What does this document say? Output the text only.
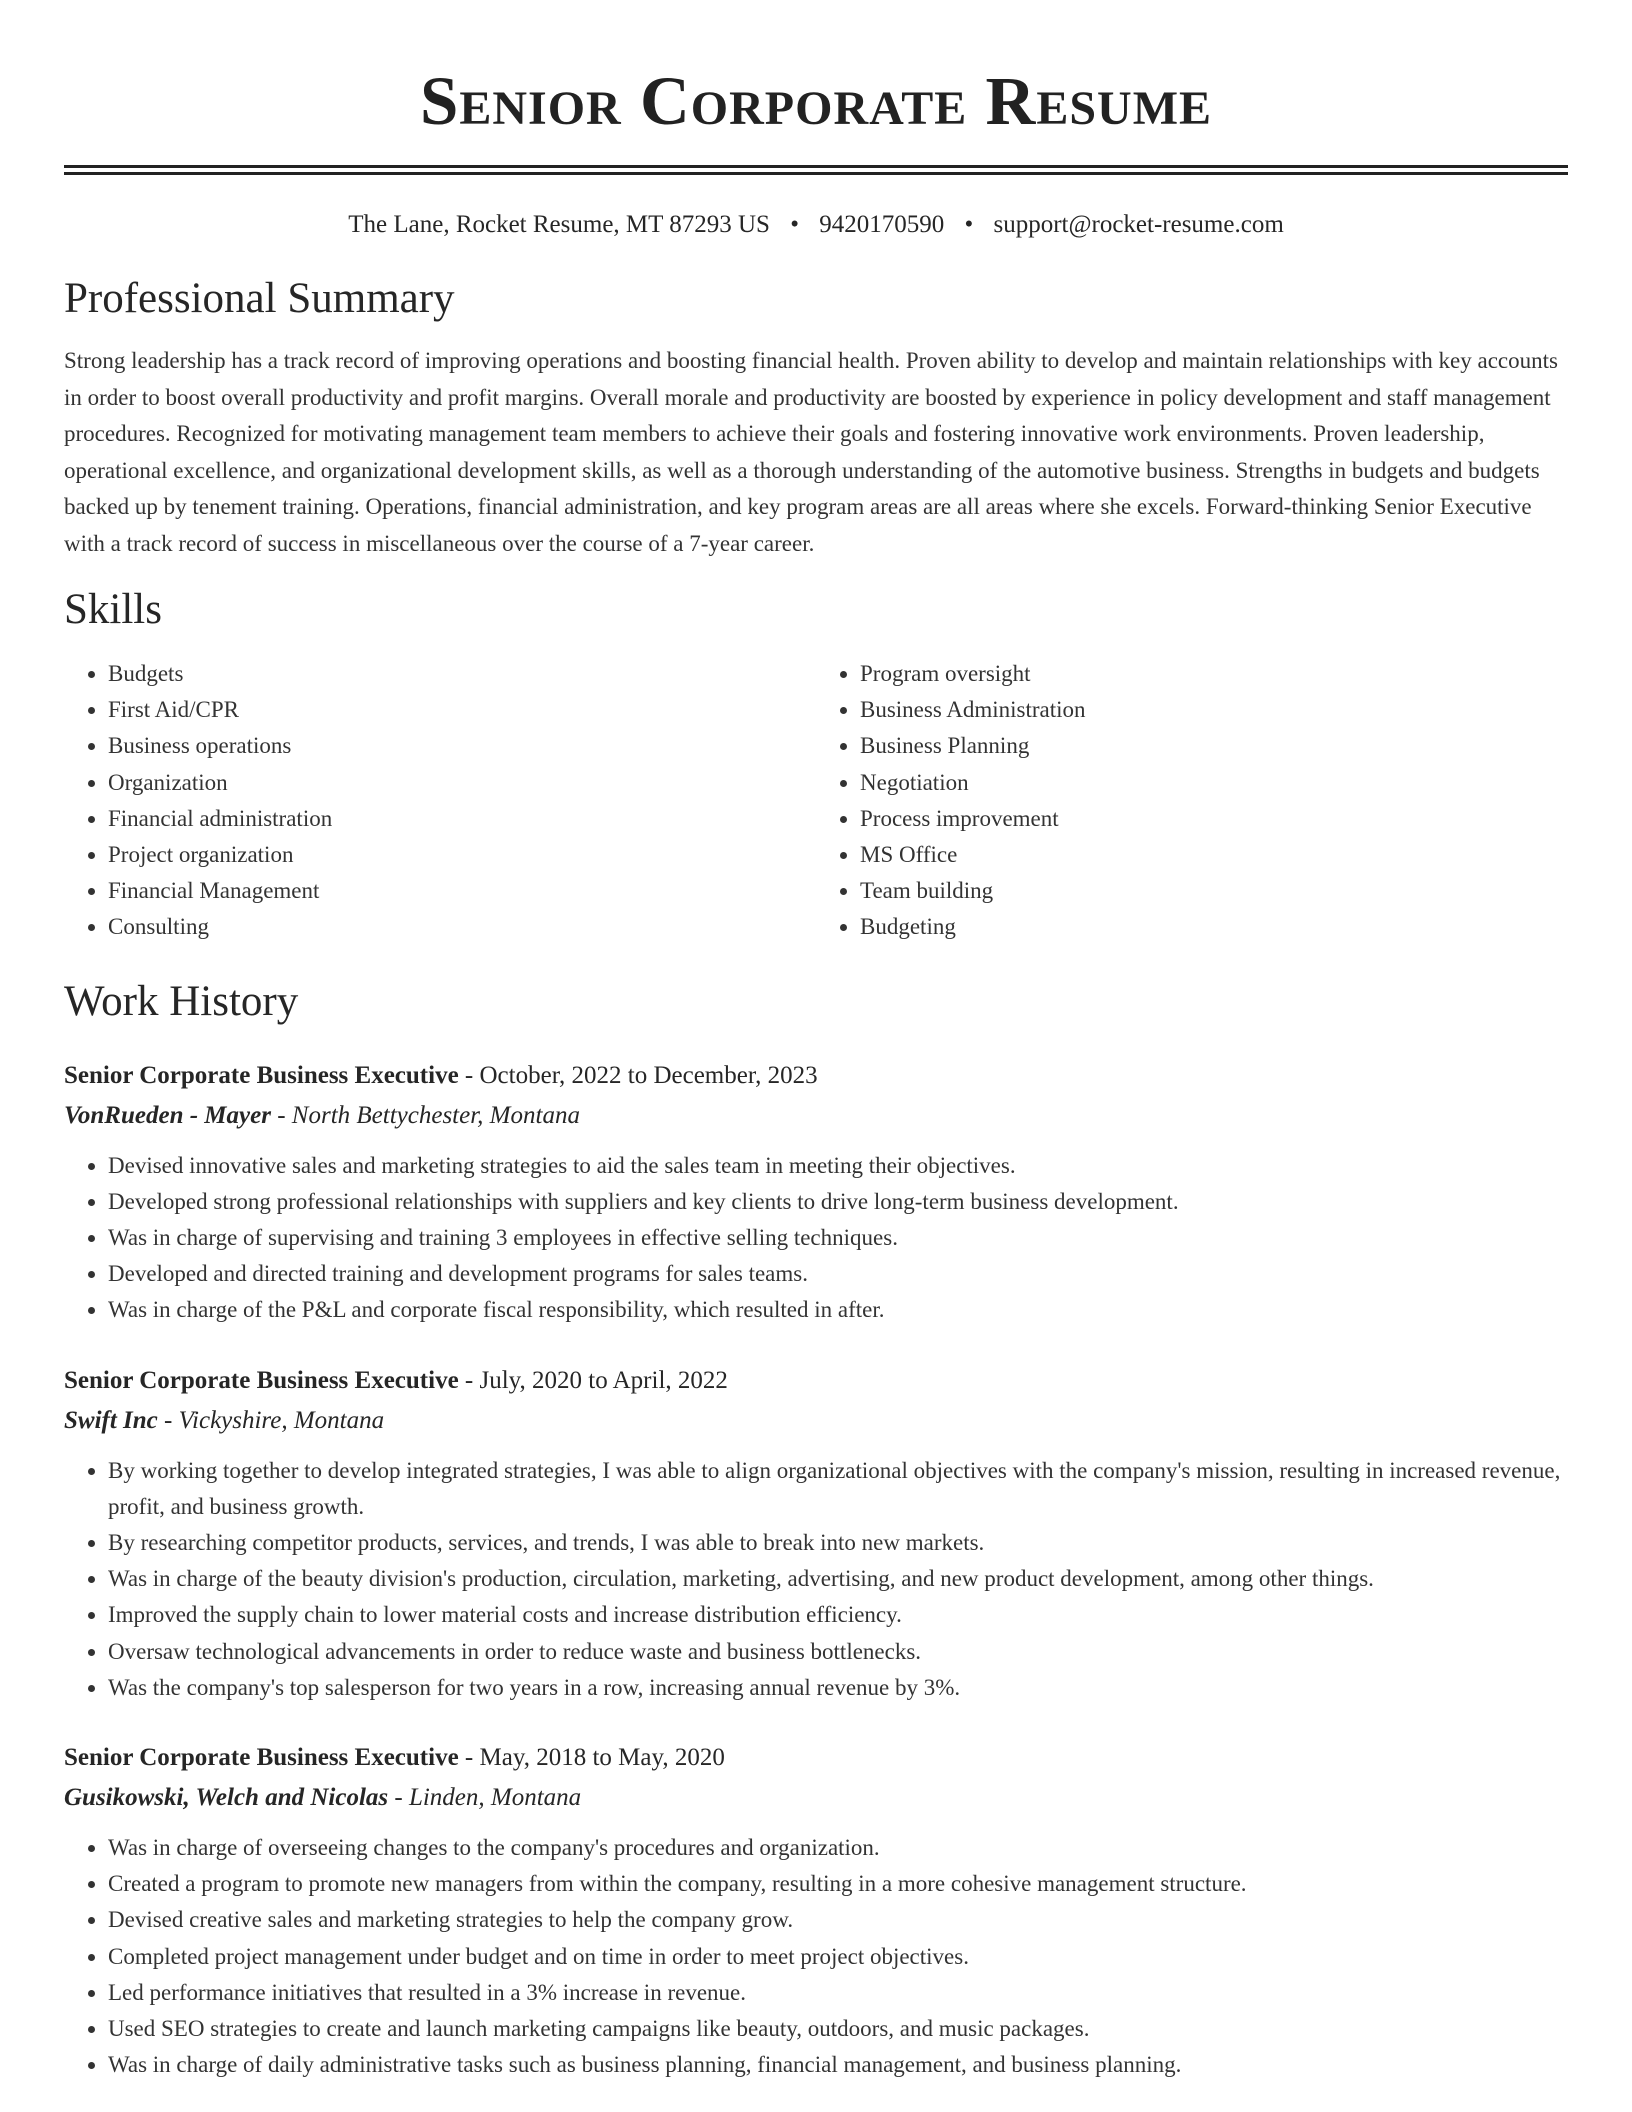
Senior Corporate Resume
The Lane, Rocket Resume, MT 87293 US • 9420170590 • support@rocket-resume.com
Professional Summary
Strong leadership has a track record of improving operations and boosting financial health. Proven ability to develop and maintain relationships with key accounts in order to boost overall productivity and profit margins. Overall morale and productivity are boosted by experience in policy development and staff management procedures. Recognized for motivating management team members to achieve their goals and fostering innovative work environments. Proven leadership, operational excellence, and organizational development skills, as well as a thorough understanding of the automotive business. Strengths in budgets and budgets backed up by tenement training. Operations, financial administration, and key program areas are all areas where she excels. Forward-thinking Senior Executive with a track record of success in miscellaneous over the course of a 7-year career.
Skills
• Budgets
• First Aid/CPR
• Business operations
• Organization
• Financial administration
• Project organization
• Financial Management
• Consulting
• Program oversight
• Business Administration
• Business Planning
• Negotiation
• Process improvement
• MS Office
• Team building
• Budgeting
Work History
Senior Corporate Business Executive - October, 2022 to December, 2023
VonRueden - Mayer - North Bettychester, Montana
• Devised innovative sales and marketing strategies to aid the sales team in meeting their objectives.
• Developed strong professional relationships with suppliers and key clients to drive long-term business development.
• Was in charge of supervising and training 3 employees in effective selling techniques.
• Developed and directed training and development programs for sales teams.
• Was in charge of the P&L and corporate fiscal responsibility, which resulted in after.
Senior Corporate Business Executive - July, 2020 to April, 2022
Swift Inc - Vickyshire, Montana
• By working together to develop integrated strategies, I was able to align organizational objectives with the company's mission, resulting in increased revenue, profit, and business growth.
• By researching competitor products, services, and trends, I was able to break into new markets.
• Was in charge of the beauty division's production, circulation, marketing, advertising, and new product development, among other things.
• Improved the supply chain to lower material costs and increase distribution efficiency.
• Oversaw technological advancements in order to reduce waste and business bottlenecks.
• Was the company's top salesperson for two years in a row, increasing annual revenue by 3%.
Senior Corporate Business Executive - May, 2018 to May, 2020
Gusikowski, Welch and Nicolas - Linden, Montana
• Was in charge of overseeing changes to the company's procedures and organization.
• Created a program to promote new managers from within the company, resulting in a more cohesive management structure.
• Devised creative sales and marketing strategies to help the company grow.
• Completed project management under budget and on time in order to meet project objectives.
• Led performance initiatives that resulted in a 3% increase in revenue.
• Used SEO strategies to create and launch marketing campaigns like beauty, outdoors, and music packages.
• Was in charge of daily administrative tasks such as business planning, financial management, and business planning.
